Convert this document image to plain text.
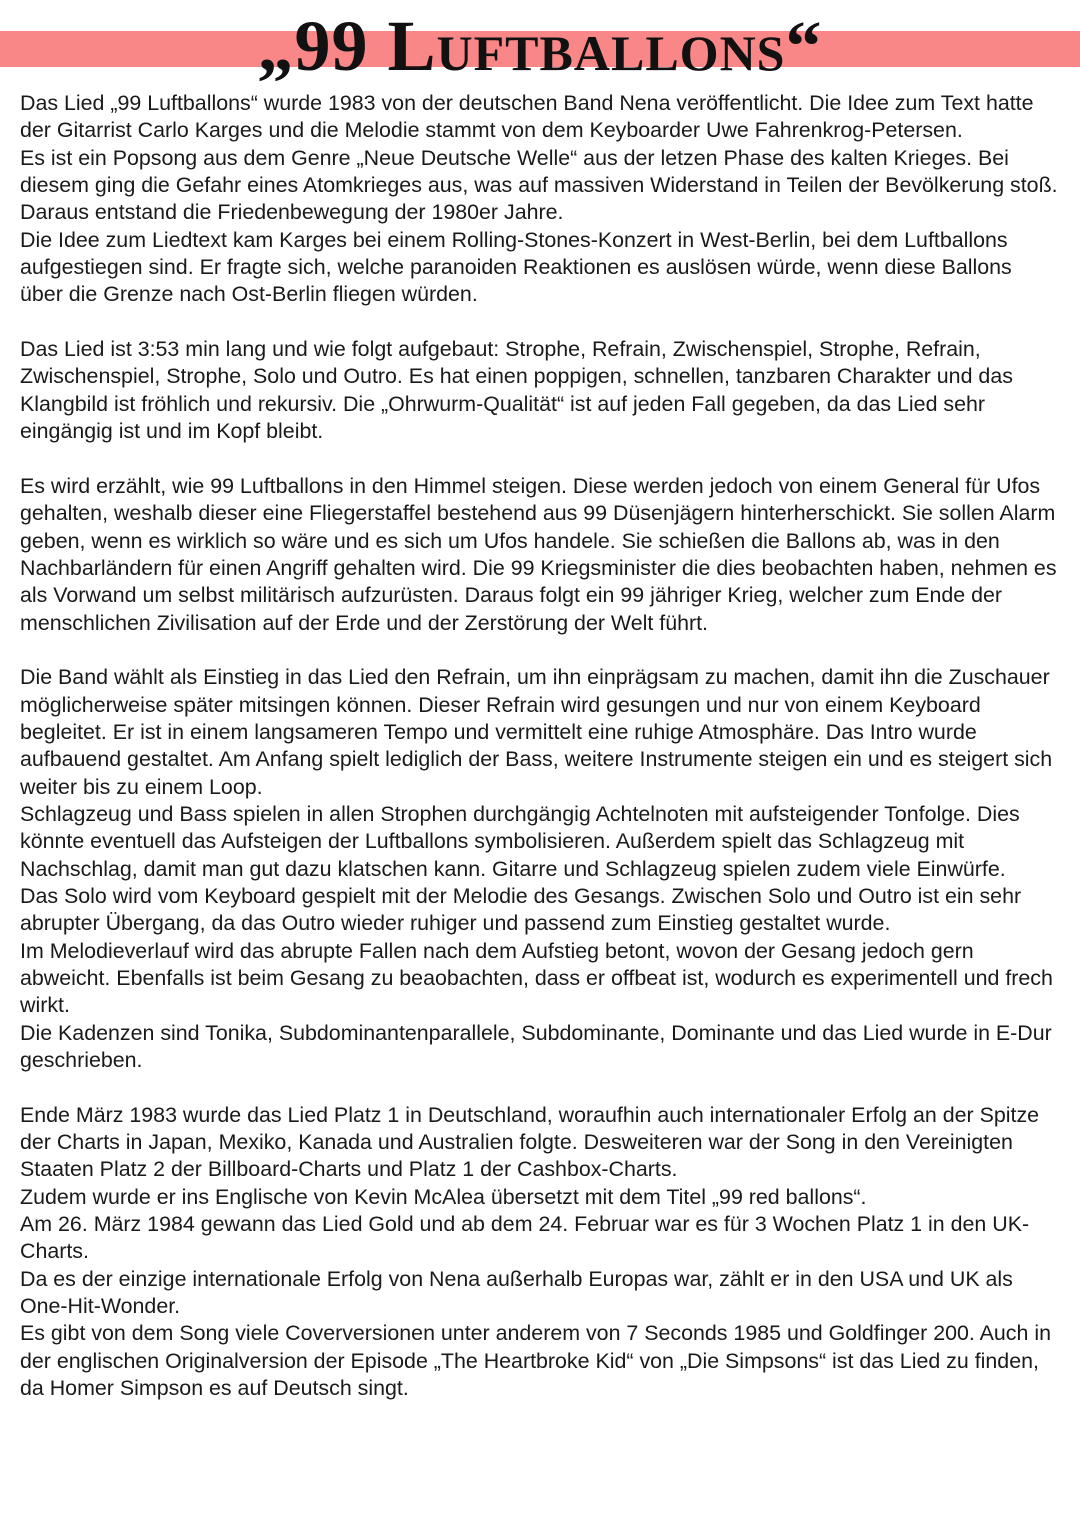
„99 Luftballons“

Das Lied „99 Luftballons“ wurde 1983 von der deutschen Band Nena veröffentlicht. Die Idee zum Text hatte der Gitarrist Carlo Karges und die Melodie stammt von dem Keyboarder Uwe Fahrenkrog-Petersen.

Es ist ein Popsong aus dem Genre „Neue Deutsche Welle“ aus der letzen Phase des kalten Krieges. Bei diesem ging die Gefahr eines Atomkrieges aus, was auf massiven Widerstand in Teilen der Bevölkerung stoß. Daraus entstand die Friedenbewegung der 1980er Jahre.

Die Idee zum Liedtext kam Karges bei einem Rolling-Stones-Konzert in West-Berlin, bei dem Luftballons aufgestiegen sind. Er fragte sich, welche paranoiden Reaktionen es auslösen würde, wenn diese Ballons über die Grenze nach Ost-Berlin fliegen würden.

Das Lied ist 3:53 min lang und wie folgt aufgebaut: Strophe, Refrain, Zwischenspiel, Strophe, Refrain, Zwischenspiel, Strophe, Solo und Outro. Es hat einen poppigen, schnellen, tanzbaren Charakter und das Klangbild ist fröhlich und rekursiv. Die „Ohrwurm-Qualität“ ist auf jeden Fall gegeben, da das Lied sehr eingängig ist und im Kopf bleibt.

Es wird erzählt, wie 99 Luftballons in den Himmel steigen. Diese werden jedoch von einem General für Ufos gehalten, weshalb dieser eine Fliegerstaffel bestehend aus 99 Düsenjägern hinterherschickt. Sie sollen Alarm geben, wenn es wirklich so wäre und es sich um Ufos handele. Sie schießen die Ballons ab, was in den Nachbarländern für einen Angriff gehalten wird. Die 99 Kriegsminister die dies beobachten haben, nehmen es als Vorwand um selbst militärisch aufzurüsten. Daraus folgt ein 99 jähriger Krieg, welcher zum Ende der menschlichen Zivilisation auf der Erde und der Zerstörung der Welt führt.

Die Band wählt als Einstieg in das Lied den Refrain, um ihn einprägsam zu machen, damit ihn die Zuschauer möglicherweise später mitsingen können. Dieser Refrain wird gesungen und nur von einem Keyboard begleitet. Er ist in einem langsameren Tempo und vermittelt eine ruhige Atmosphäre. Das Intro wurde aufbauend gestaltet. Am Anfang spielt lediglich der Bass, weitere Instrumente steigen ein und es steigert sich weiter bis zu einem Loop.

Schlagzeug und Bass spielen in allen Strophen durchgängig Achtelnoten mit aufsteigender Tonfolge. Dies könnte eventuell das Aufsteigen der Luftballons symbolisieren. Außerdem spielt das Schlagzeug mit Nachschlag, damit man gut dazu klatschen kann. Gitarre und Schlagzeug spielen zudem viele Einwürfe.

Das Solo wird vom Keyboard gespielt mit der Melodie des Gesangs. Zwischen Solo und Outro ist ein sehr abrupter Übergang, da das Outro wieder ruhiger und passend zum Einstieg gestaltet wurde.

Im Melodieverlauf wird das abrupte Fallen nach dem Aufstieg betont, wovon der Gesang jedoch gern abweicht. Ebenfalls ist beim Gesang zu beaobachten, dass er offbeat ist, wodurch es experimentell und frech wirkt.

Die Kadenzen sind Tonika, Subdominantenparallele, Subdominante, Dominante und das Lied wurde in E-Dur geschrieben.

Ende März 1983 wurde das Lied Platz 1 in Deutschland, woraufhin auch internationaler Erfolg an der Spitze der Charts in Japan, Mexiko, Kanada und Australien folgte. Desweiteren war der Song in den Vereinigten Staaten Platz 2 der Billboard-Charts und Platz 1 der Cashbox-Charts.

Zudem wurde er ins Englische von Kevin McAlea übersetzt mit dem Titel „99 red ballons“.

Am 26. März 1984 gewann das Lied Gold und ab dem 24. Februar war es für 3 Wochen Platz 1 in den UK-Charts.

Da es der einzige internationale Erfolg von Nena außerhalb Europas war, zählt er in den USA und UK als One-Hit-Wonder.

Es gibt von dem Song viele Coverversionen unter anderem von 7 Seconds 1985 und Goldfinger 200. Auch in der englischen Originalversion der Episode „The Heartbroke Kid“ von „Die Simpsons“ ist das Lied zu finden, da Homer Simpson es auf Deutsch singt.
